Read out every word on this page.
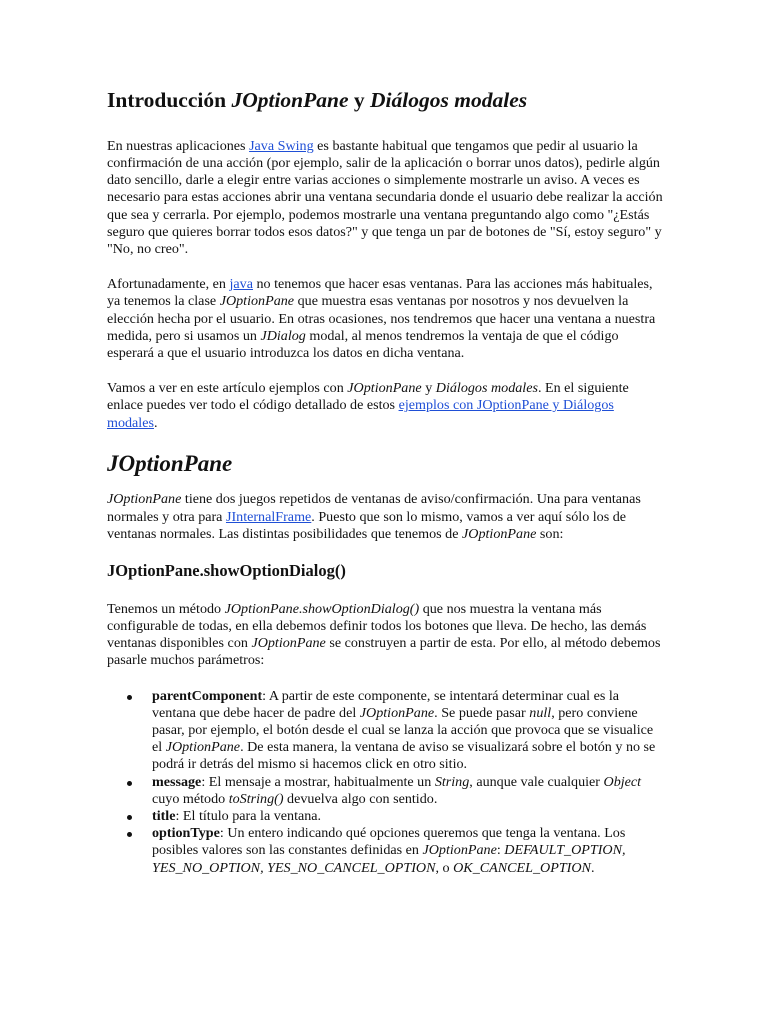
Introducción JOptionPane y Diálogos modales

En nuestras aplicaciones Java Swing es bastante habitual que tengamos que pedir al usuario la confirmación de una acción (por ejemplo, salir de la aplicación o borrar unos datos), pedirle algún dato sencillo, darle a elegir entre varias acciones o simplemente mostrarle un aviso. A veces es necesario para estas acciones abrir una ventana secundaria donde el usuario debe realizar la acción que sea y cerrarla. Por ejemplo, podemos mostrarle una ventana preguntando algo como "¿Estás seguro que quieres borrar todos esos datos?" y que tenga un par de botones de "Sí, estoy seguro" y "No, no creo".

Afortunadamente, en java no tenemos que hacer esas ventanas. Para las acciones más habituales, ya tenemos la clase JOptionPane que muestra esas ventanas por nosotros y nos devuelven la elección hecha por el usuario. En otras ocasiones, nos tendremos que hacer una ventana a nuestra medida, pero si usamos un JDialog modal, al menos tendremos la ventaja de que el código esperará a que el usuario introduzca los datos en dicha ventana.

Vamos a ver en este artículo ejemplos con JOptionPane y Diálogos modales. En el siguiente enlace puedes ver todo el código detallado de estos ejemplos con JOptionPane y Diálogos modales.

JOptionPane

JOptionPane tiene dos juegos repetidos de ventanas de aviso/confirmación. Una para ventanas normales y otra para JInternalFrame. Puesto que son lo mismo, vamos a ver aquí sólo los de ventanas normales. Las distintas posibilidades que tenemos de JOptionPane son:

JOptionPane.showOptionDialog()

Tenemos un método JOptionPane.showOptionDialog() que nos muestra la ventana más configurable de todas, en ella debemos definir todos los botones que lleva. De hecho, las demás ventanas disponibles con JOptionPane se construyen a partir de esta. Por ello, al método debemos pasarle muchos parámetros:

parentComponent: A partir de este componente, se intentará determinar cual es la ventana que debe hacer de padre del JOptionPane. Se puede pasar null, pero conviene pasar, por ejemplo, el botón desde el cual se lanza la acción que provoca que se visualice el JOptionPane. De esta manera, la ventana de aviso se visualizará sobre el botón y no se podrá ir detrás del mismo si hacemos click en otro sitio.
message: El mensaje a mostrar, habitualmente un String, aunque vale cualquier Object cuyo método toString() devuelva algo con sentido.
title: El título para la ventana.
optionType: Un entero indicando qué opciones queremos que tenga la ventana. Los posibles valores son las constantes definidas en JOptionPane: DEFAULT_OPTION, YES_NO_OPTION, YES_NO_CANCEL_OPTION, o OK_CANCEL_OPTION.
